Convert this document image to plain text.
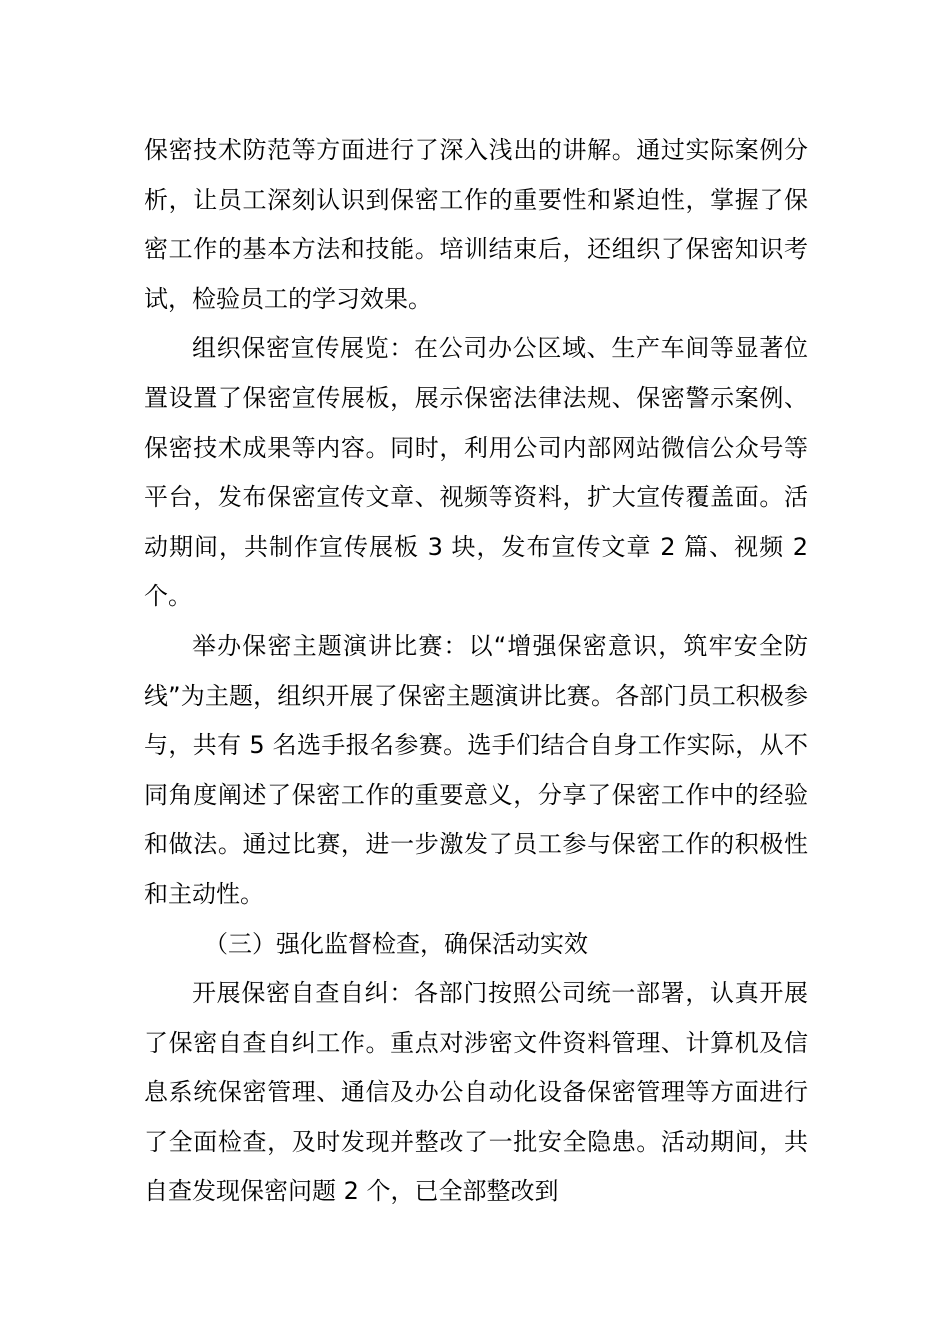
保密技术防范等方面进行了深入浅出的讲解。通过实际案例分析，让员工深刻认识到保密工作的重要性和紧迫性，掌握了保密工作的基本方法和技能。培训结束后，还组织了保密知识考试，检验员工的学习效果。

组织保密宣传展览：在公司办公区域、生产车间等显著位置设置了保密宣传展板，展示保密法律法规、保密警示案例、保密技术成果等内容。同时，利用公司内部网站微信公众号等平台，发布保密宣传文章、视频等资料，扩大宣传覆盖面。活动期间，共制作宣传展板 3 块，发布宣传文章 2 篇、视频 2 个。

举办保密主题演讲比赛：以“增强保密意识，筑牢安全防线”为主题，组织开展了保密主题演讲比赛。各部门员工积极参与，共有 5 名选手报名参赛。选手们结合自身工作实际，从不同角度阐述了保密工作的重要意义，分享了保密工作中的经验和做法。通过比赛，进一步激发了员工参与保密工作的积极性和主动性。

（三）强化监督检查，确保活动实效

开展保密自查自纠：各部门按照公司统一部署，认真开展了保密自查自纠工作。重点对涉密文件资料管理、计算机及信息系统保密管理、通信及办公自动化设备保密管理等方面进行了全面检查，及时发现并整改了一批安全隐患。活动期间，共自查发现保密问题 2 个，已全部整改到
